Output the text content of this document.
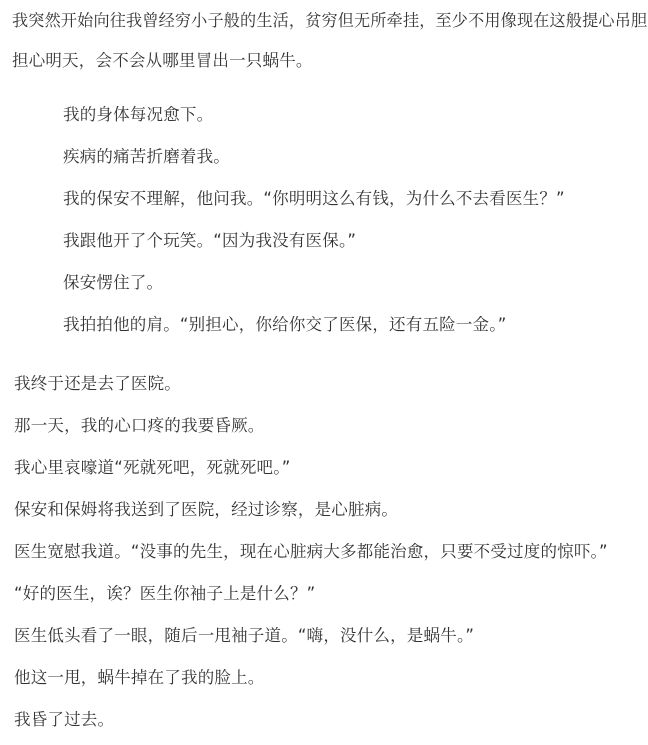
我突然开始向往我曾经穷小子般的生活，贫穷但无所牵挂，至少不用像现在这般提心吊胆
担心明天，会不会从哪里冒出一只蜗牛。
我的身体每况愈下。
疾病的痛苦折磨着我。
我的保安不理解，他问我。“你明明这么有钱，为什么不去看医生？”
我跟他开了个玩笑。“因为我没有医保。”
保安愣住了。
我拍拍他的肩。“别担心，你给你交了医保，还有五险一金。”
我终于还是去了医院。
那一天，我的心口疼的我要昏厥。
我心里哀嚎道“死就死吧，死就死吧。”
保安和保姆将我送到了医院，经过诊察，是心脏病。
医生宽慰我道。“没事的先生，现在心脏病大多都能治愈，只要不受过度的惊吓。”
“好的医生，诶？医生你袖子上是什么？”
医生低头看了一眼，随后一甩袖子道。“嗨，没什么，是蜗牛。”
他这一甩，蜗牛掉在了我的脸上。
我昏了过去。
